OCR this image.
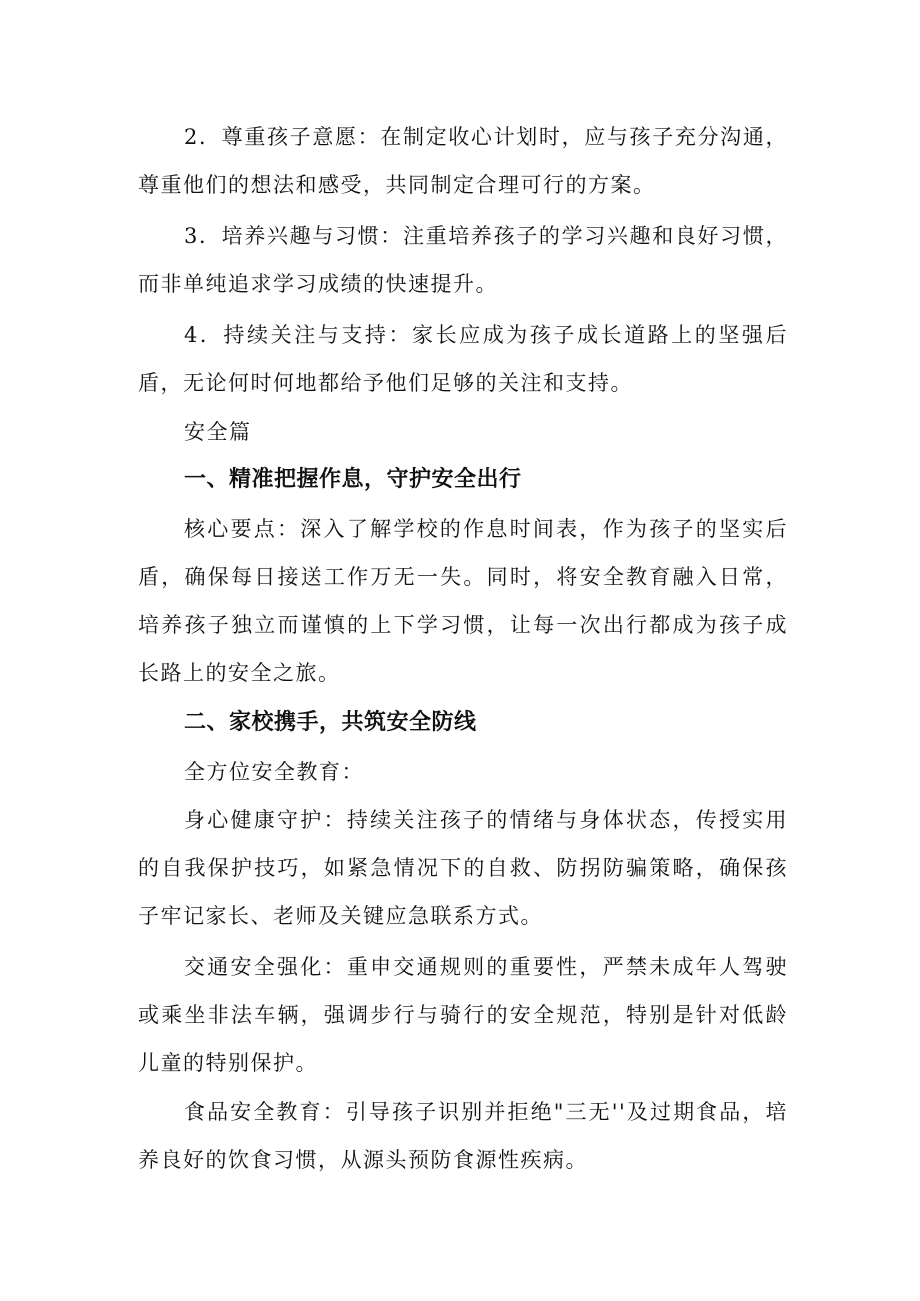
2．尊重孩子意愿：在制定收心计划时，应与孩子充分沟通，尊重他们的想法和感受，共同制定合理可行的方案。

3．培养兴趣与习惯：注重培养孩子的学习兴趣和良好习惯，而非单纯追求学习成绩的快速提升。

4．持续关注与支持：家长应成为孩子成长道路上的坚强后盾，无论何时何地都给予他们足够的关注和支持。

安全篇

一、精准把握作息，守护安全出行

核心要点：深入了解学校的作息时间表，作为孩子的坚实后盾，确保每日接送工作万无一失。同时，将安全教育融入日常，培养孩子独立而谨慎的上下学习惯，让每一次出行都成为孩子成长路上的安全之旅。

二、家校携手，共筑安全防线

全方位安全教育：

身心健康守护：持续关注孩子的情绪与身体状态，传授实用的自我保护技巧，如紧急情况下的自救、防拐防骗策略，确保孩子牢记家长、老师及关键应急联系方式。

交通安全强化：重申交通规则的重要性，严禁未成年人驾驶或乘坐非法车辆，强调步行与骑行的安全规范，特别是针对低龄儿童的特别保护。

食品安全教育：引导孩子识别并拒绝"三无''及过期食品，培养良好的饮食习惯，从源头预防食源性疾病。
